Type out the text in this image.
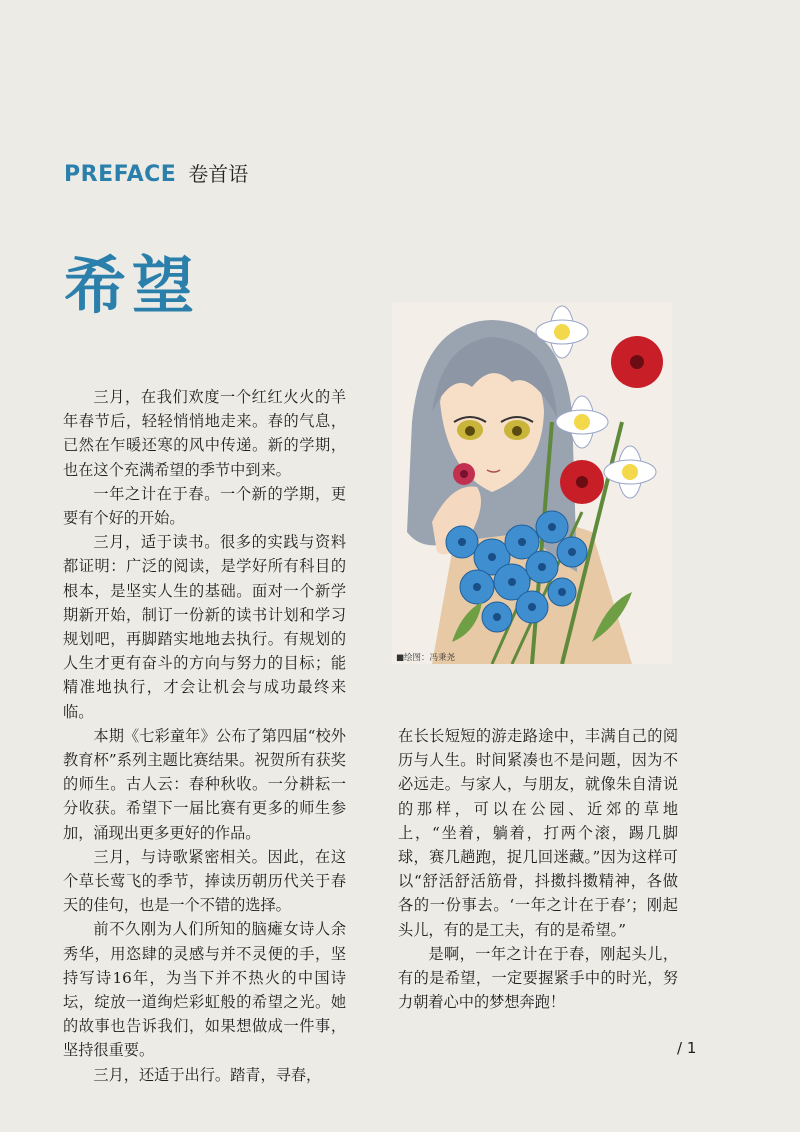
PREFACE 卷首语
希望

三月，在我们欢度一个红红火火的羊年春节后，轻轻悄悄地走来。春的气息，已然在乍暖还寒的风中传递。新的学期，也在这个充满希望的季节中到来。

一年之计在于春。一个新的学期，更要有个好的开始。

三月，适于读书。很多的实践与资料都证明：广泛的阅读，是学好所有科目的根本，是坚实人生的基础。面对一个新学期新开始，制订一份新的读书计划和学习规划吧，再脚踏实地地去执行。有规划的人生才更有奋斗的方向与努力的目标；能精准地执行，才会让机会与成功最终来临。

本期《七彩童年》公布了第四届“校外教育杯”系列主题比赛结果。祝贺所有获奖的师生。古人云：春种秋收。一分耕耘一分收获。希望下一届比赛有更多的师生参加，涌现出更多更好的作品。

三月，与诗歌紧密相关。因此，在这个草长莺飞的季节，捧读历朝历代关于春天的佳句，也是一个不错的选择。

前不久刚为人们所知的脑瘫女诗人余秀华，用恣肆的灵感与并不灵便的手，坚持写诗16年，为当下并不热火的中国诗坛，绽放一道绚烂彩虹般的希望之光。她的故事也告诉我们，如果想做成一件事，坚持很重要。

三月，还适于出行。踏青，寻春，

■绘图：冯秉尧

在长长短短的游走路途中，丰满自己的阅历与人生。时间紧凑也不是问题，因为不必远走。与家人，与朋友，就像朱自清说的那样，可以在公园、近郊的草地上，“坐着，躺着，打两个滚，踢几脚球，赛几趟跑，捉几回迷藏。”因为这样可以“舒活舒活筋骨，抖擞抖擞精神，各做各的一份事去。‘一年之计在于春’；刚起头儿，有的是工夫，有的是希望。”

是啊，一年之计在于春，刚起头儿，有的是希望，一定要握紧手中的时光，努力朝着心中的梦想奔跑！

/ 1
